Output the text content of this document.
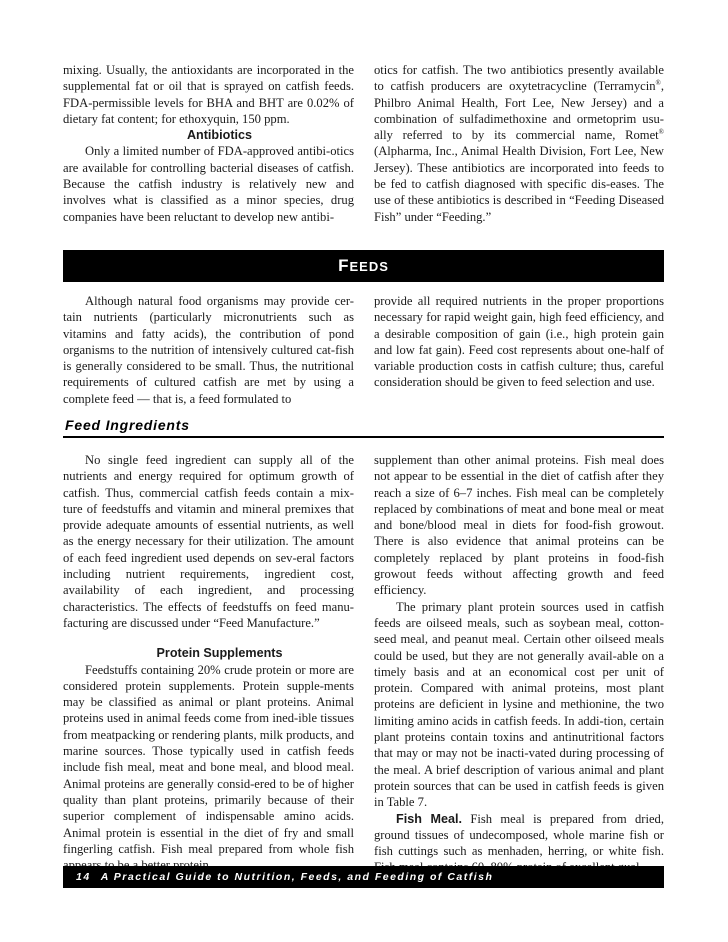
mixing. Usually, the antioxidants are incorporated in the supplemental fat or oil that is sprayed on catfish feeds. FDA-permissible levels for BHA and BHT are 0.02% of dietary fat content; for ethoxyquin, 150 ppm.

Antibiotics

Only a limited number of FDA-approved antibi-otics are available for controlling bacterial diseases of catfish. Because the catfish industry is relatively new and involves what is classified as a minor species, drug companies have been reluctant to develop new antibi-

otics for catfish. The two antibiotics presently available to catfish producers are oxytetracycline (Terramycin®, Philbro Animal Health, Fort Lee, New Jersey) and a combination of sulfadimethoxine and ormetoprim usu-ally referred to by its commercial name, Romet® (Alpharma, Inc., Animal Health Division, Fort Lee, New Jersey). These antibiotics are incorporated into feeds to be fed to catfish diagnosed with specific dis-eases. The use of these antibiotics is described in “Feeding Diseased Fish” under “Feeding.”

F EEDS

Although natural food organisms may provide cer-tain nutrients (particularly micronutrients such as vitamins and fatty acids), the contribution of pond organisms to the nutrition of intensively cultured cat-fish is generally considered to be small. Thus, the nutritional requirements of cultured catfish are met by using a complete feed — that is, a feed formulated to

provide all required nutrients in the proper proportions necessary for rapid weight gain, high feed efficiency, and a desirable composition of gain (i.e., high protein gain and low fat gain). Feed cost represents about one-half of variable production costs in catfish culture; thus, careful consideration should be given to feed selection and use.

Feed Ingredients

No single feed ingredient can supply all of the nutrients and energy required for optimum growth of catfish. Thus, commercial catfish feeds contain a mix-ture of feedstuffs and vitamin and mineral premixes that provide adequate amounts of essential nutrients, as well as the energy necessary for their utilization. The amount of each feed ingredient used depends on sev-eral factors including nutrient requirements, ingredient cost, availability of each ingredient, and processing characteristics. The effects of feedstuffs on feed manu-facturing are discussed under “Feed Manufacture.”

Protein Supplements

Feedstuffs containing 20% crude protein or more are considered protein supplements. Protein supple-ments may be classified as animal or plant proteins. Animal proteins used in animal feeds come from ined-ible tissues from meatpacking or rendering plants, milk products, and marine sources. Those typically used in catfish feeds include fish meal, meat and bone meal, and blood meal. Animal proteins are generally consid-ered to be of higher quality than plant proteins, primarily because of their superior complement of indispensable amino acids. Animal protein is essential in the diet of fry and small fingerling catfish. Fish meal prepared from whole fish

supplement than other animal proteins. Fish meal does not appear to be essential in the diet of catfish after they reach a size of 6–7 inches. Fish meal can be completely replaced by combinations of meat and bone meal or meat and bone/blood meal in diets for food-fish growout. There is also evidence that animal proteins can be completely replaced by plant proteins in food-fish growout feeds without affecting growth and feed efficiency.

The primary plant protein sources used in catfish feeds are oilseed meals, such as soybean meal, cotton-seed meal, and peanut meal. Certain other oilseed meals could be used, but they are not generally avail-able on a timely basis and at an economical cost per unit of protein. Compared with animal proteins, most plant proteins are deficient in lysine and methionine, the two limiting amino acids in catfish feeds. In addi-tion, certain plant proteins contain toxins and antinutritional factors that may or may not be inacti-vated during processing of the meal. A brief description of various animal and plant protein sources that can be used in catfish feeds is given in Table 7.

Fish Meal. Fish meal is prepared from dried, ground tissues of undecomposed, whole marine fish or fish cuttings such as menhaden, herring, or white fish.

14 A Practical Guide to Nutrition, Feeds, and Feeding of Catfish
